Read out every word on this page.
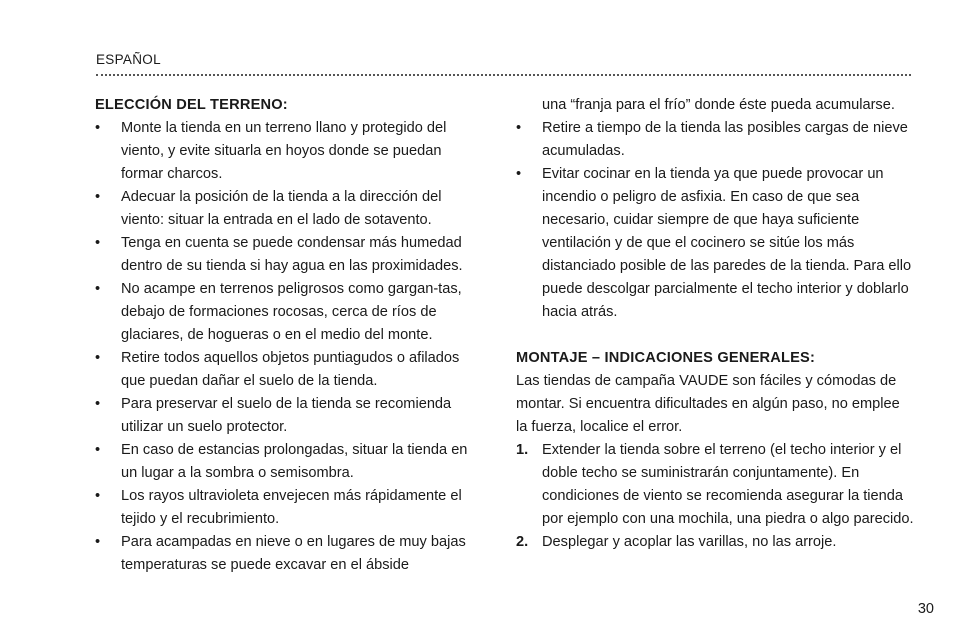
ESPAÑOL
ELECCIÓN DEL TERRENO:
• Monte la tienda en un terreno llano y protegido del viento, y evite situarla en hoyos donde se puedan formar charcos.
• Adecuar la posición de la tienda a la dirección del viento: situar la entrada en el lado de sotavento.
• Tenga en cuenta se puede condensar más humedad dentro de su tienda si hay agua en las proximidades.
• No acampe en terrenos peligrosos como gargan-tas, debajo de formaciones rocosas, cerca de ríos de glaciares, de hogueras o en el medio del monte.
• Retire todos aquellos objetos puntiagudos o afilados que puedan dañar el suelo de la tienda.
• Para preservar el suelo de la tienda se recomienda utilizar un suelo protector.
• En caso de estancias prolongadas, situar la tienda en un lugar a la sombra o semisombra.
• Los rayos ultravioleta envejecen más rápidamente el tejido y el recubrimiento.
• Para acampadas en nieve o en lugares de muy bajas temperaturas se puede excavar en el ábside
una “franja para el frío” donde éste pueda acumularse.
• Retire a tiempo de la tienda las posibles cargas de nieve acumuladas.
• Evitar cocinar en la tienda ya que puede provocar un incendio o peligro de asfixia. En caso de que sea necesario, cuidar siempre de que haya suficiente ventilación y de que el cocinero se sitúe los más distanciado posible de las paredes de la tienda. Para ello puede descolgar parcialmente el techo interior y doblarlo hacia atrás.
MONTAJE – INDICACIONES GENERALES:

Las tiendas de campaña VAUDE son fáciles y cómodas de montar. Si encuentra dificultades en algún paso, no emplee la fuerza, localice el error.

1. Extender la tienda sobre el terreno (el techo interior y el doble techo se suministrarán conjuntamente). En condiciones de viento se recomienda asegurar la tienda por ejemplo con una mochila, una piedra o algo parecido.
2. Desplegar y acoplar las varillas, no las arroje.
30
